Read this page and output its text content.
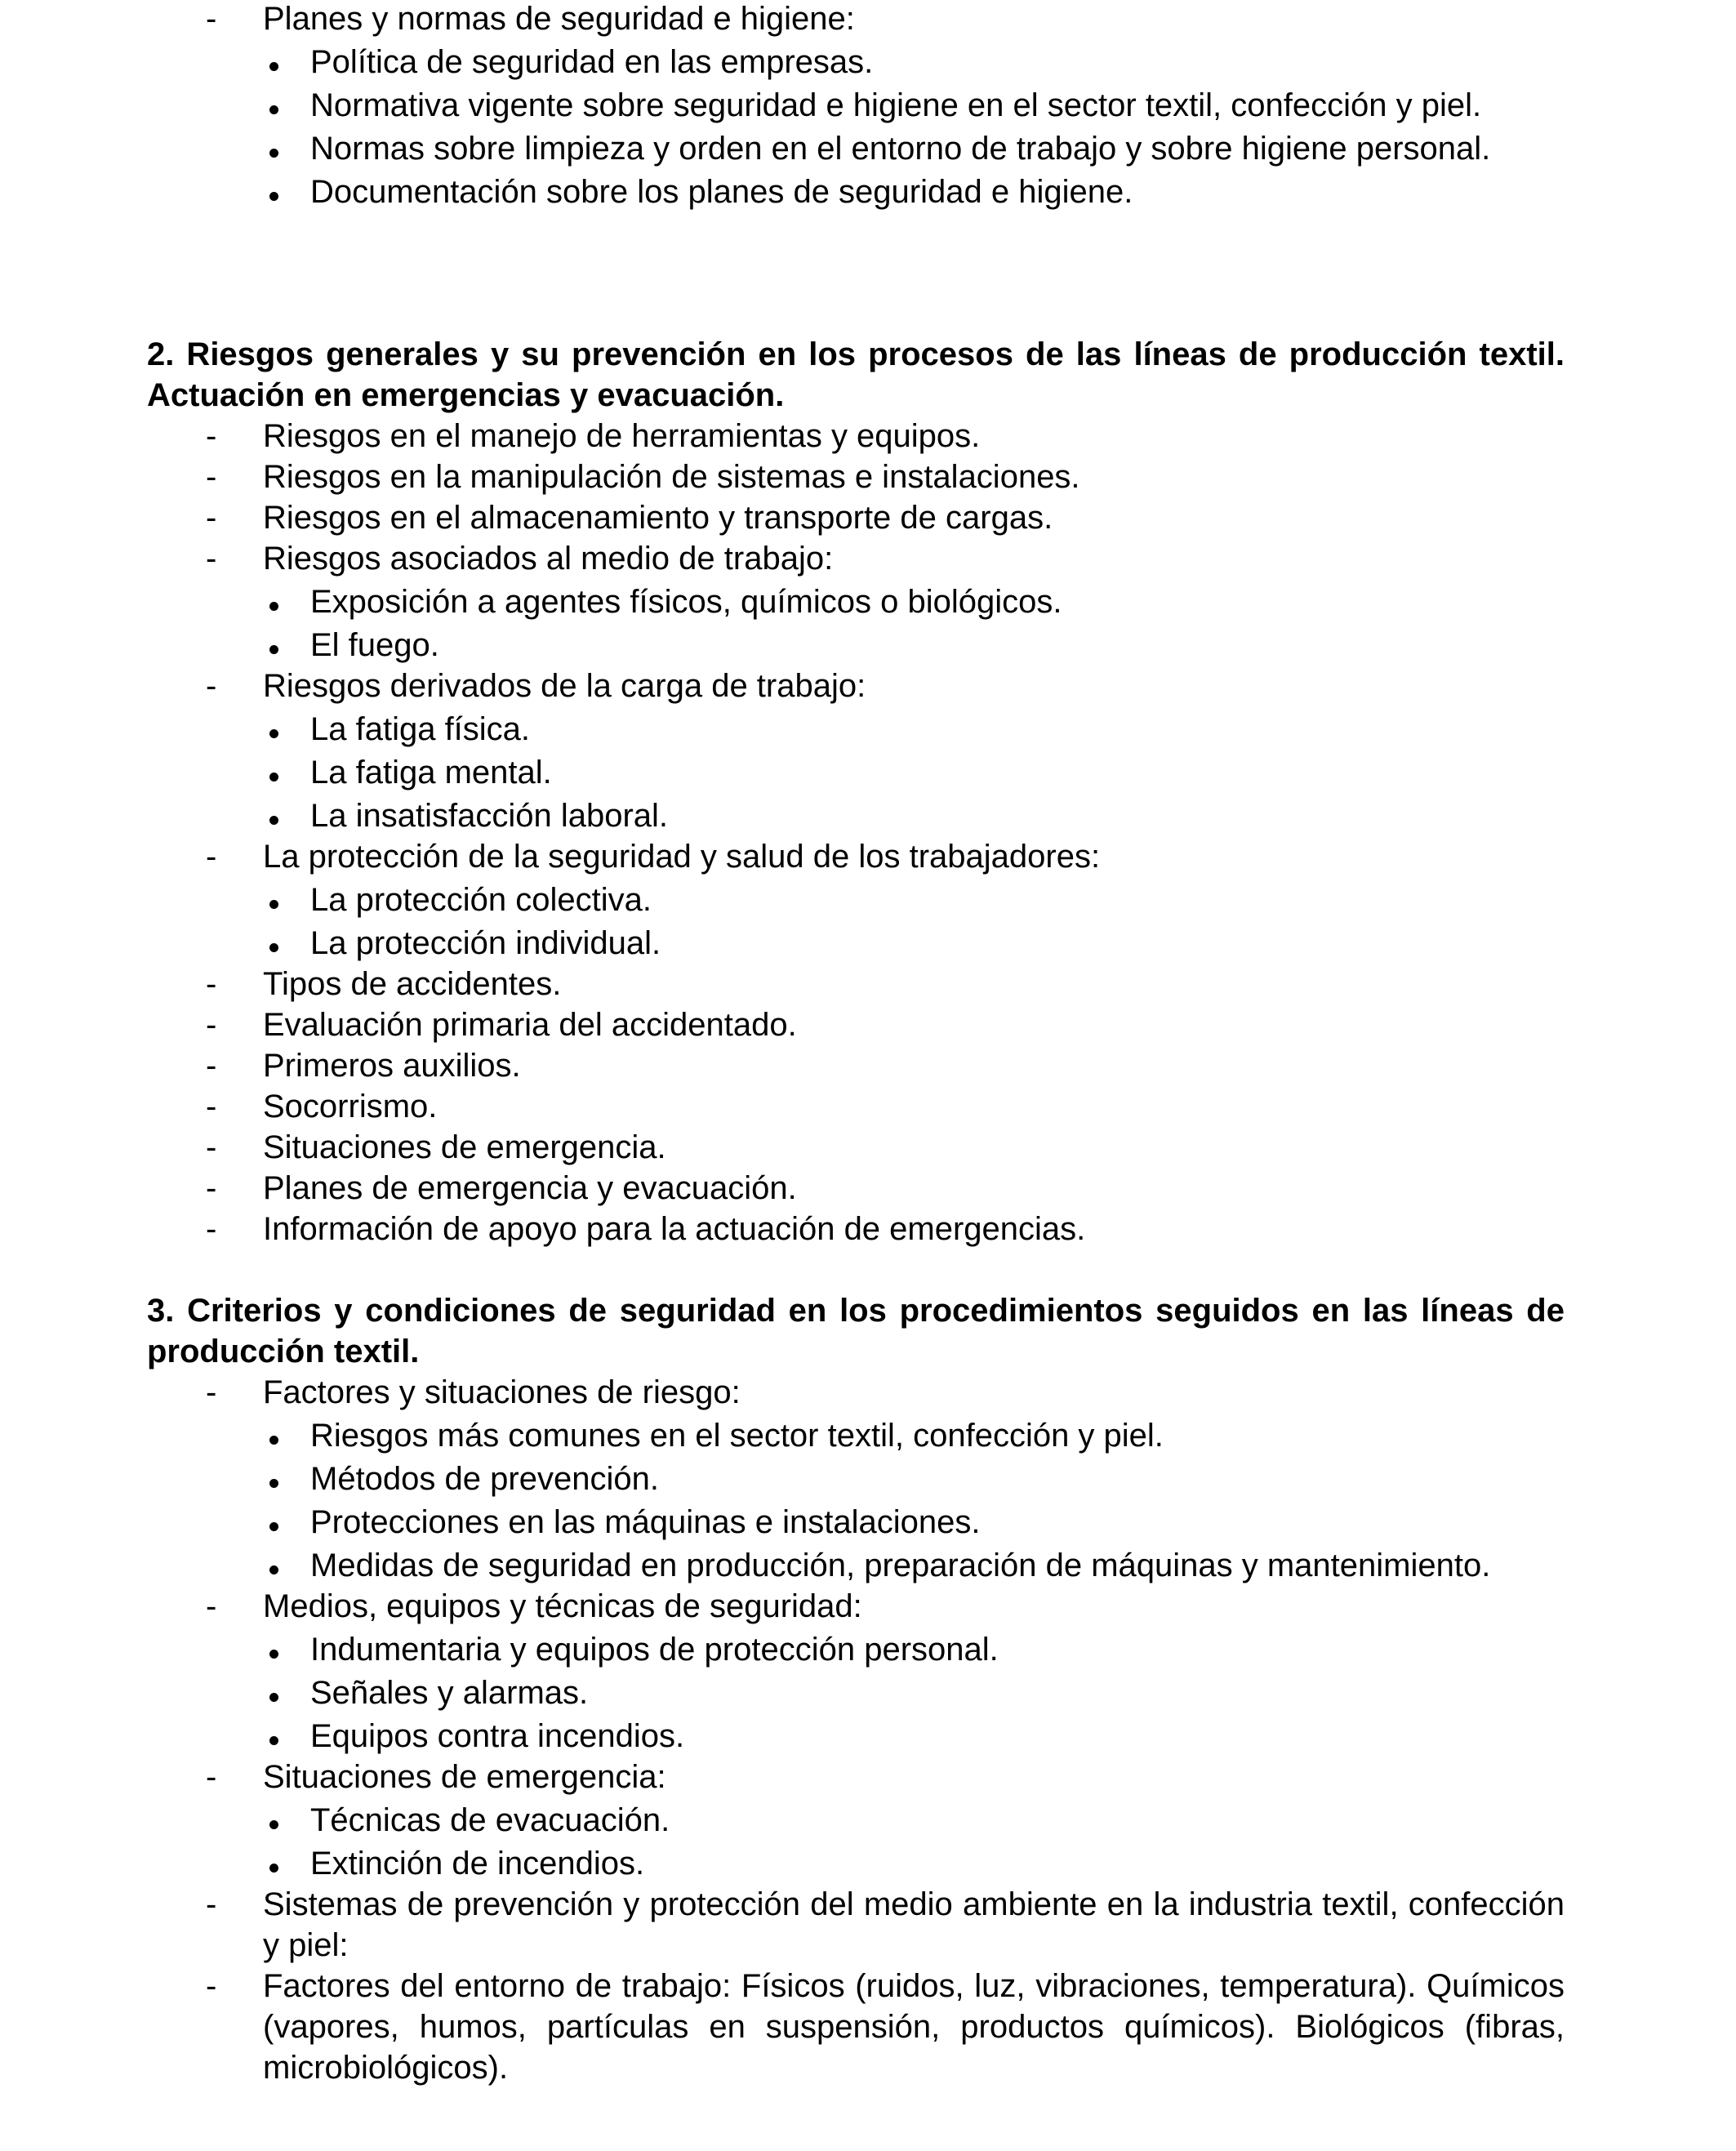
- Planes y normas de seguridad e higiene:
Política de seguridad en las empresas.
Normativa vigente sobre seguridad e higiene en el sector textil, confección y piel.
Normas sobre limpieza y orden en el entorno de trabajo y sobre higiene personal.
Documentación sobre los planes de seguridad e higiene.

2. Riesgos generales y su prevención en los procesos de las líneas de producción textil. Actuación en emergencias y evacuación.

- Riesgos en el manejo de herramientas y equipos.
- Riesgos en la manipulación de sistemas e instalaciones.
- Riesgos en el almacenamiento y transporte de cargas.
- Riesgos asociados al medio de trabajo:
Exposición a agentes físicos, químicos o biológicos.
El fuego.
- Riesgos derivados de la carga de trabajo:
La fatiga física.
La fatiga mental.
La insatisfacción laboral.
- La protección de la seguridad y salud de los trabajadores:
La protección colectiva.
La protección individual.
- Tipos de accidentes.
- Evaluación primaria del accidentado.
- Primeros auxilios.
- Socorrismo.
- Situaciones de emergencia.
- Planes de emergencia y evacuación.
- Información de apoyo para la actuación de emergencias.

3. Criterios y condiciones de seguridad en los procedimientos seguidos en las líneas de producción textil.

- Factores y situaciones de riesgo:
Riesgos más comunes en el sector textil, confección y piel.
Métodos de prevención.
Protecciones en las máquinas e instalaciones.
Medidas de seguridad en producción, preparación de máquinas y mantenimiento.
- Medios, equipos y técnicas de seguridad:
Indumentaria y equipos de protección personal.
Señales y alarmas.
Equipos contra incendios.
- Situaciones de emergencia:
Técnicas de evacuación.
Extinción de incendios.
- Sistemas de prevención y protección del medio ambiente en la industria textil, confección y piel:
- Factores del entorno de trabajo: Físicos (ruidos, luz, vibraciones, temperatura). Químicos (vapores, humos, partículas en suspensión, productos químicos). Biológicos (fibras, microbiológicos).
